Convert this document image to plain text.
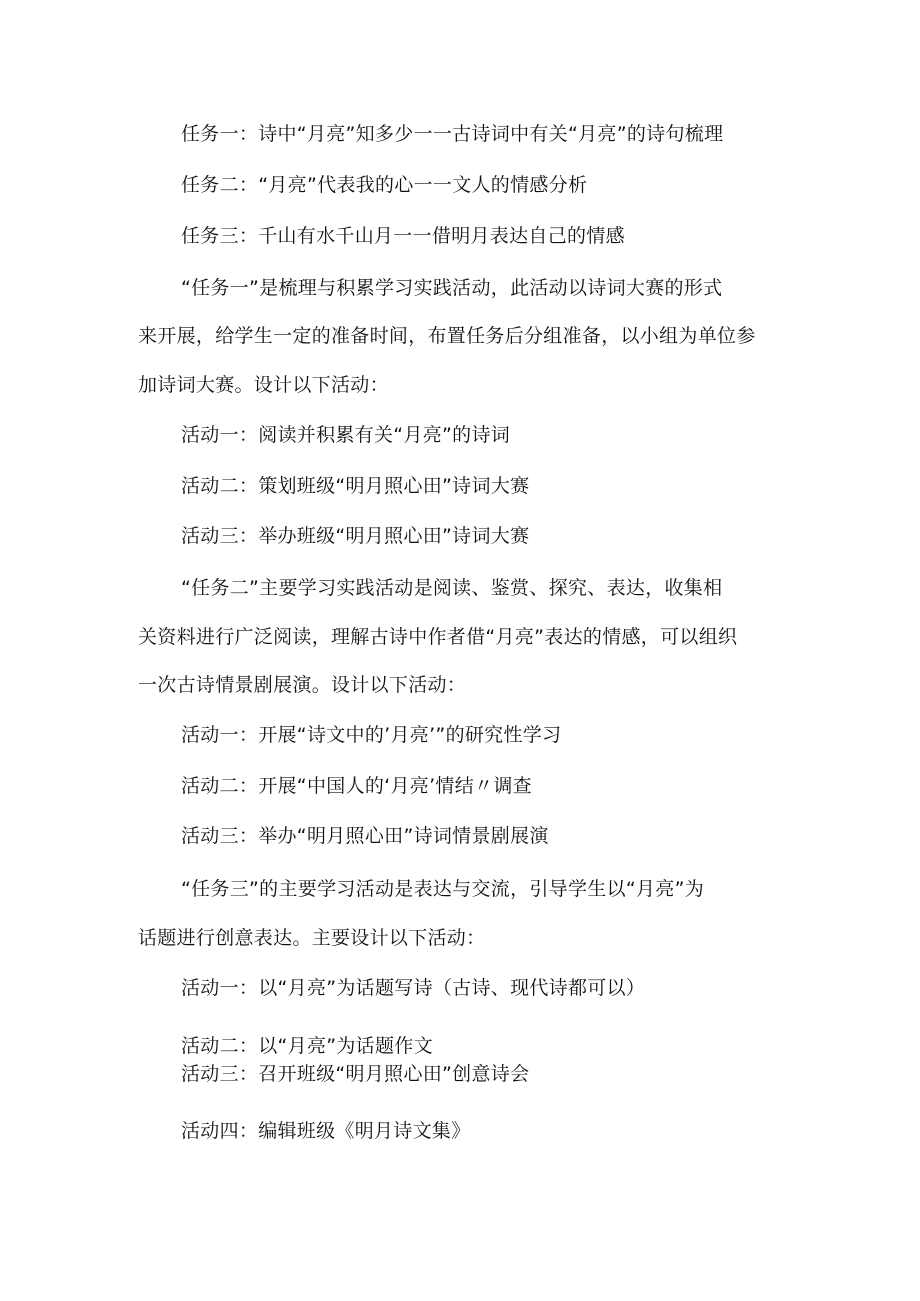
任务一：诗中“月亮”知多少一一古诗词中有关“月亮”的诗句梳理
任务二：“月亮”代表我的心一一文人的情感分析
任务三：千山有水千山月一一借明月表达自己的情感
“任务一”是梳理与积累学习实践活动，此活动以诗词大赛的形式
来开展，给学生一定的准备时间，布置任务后分组准备，以小组为单位参
加诗词大赛。设计以下活动：
活动一：阅读并积累有关“月亮”的诗词
活动二：策划班级“明月照心田”诗词大赛
活动三：举办班级“明月照心田”诗词大赛
“任务二”主要学习实践活动是阅读、鉴赏、探究、表达，收集相
关资料进行广泛阅读，理解古诗中作者借“月亮”表达的情感，可以组织
一次古诗情景剧展演。设计以下活动：
活动一：开展“诗文中的’月亮’”的研究性学习
活动二：开展“中国人的‘月亮’情结〃调查
活动三：举办“明月照心田”诗词情景剧展演
“任务三”的主要学习活动是表达与交流，引导学生以“月亮”为
话题进行创意表达。主要设计以下活动：
活动一：以“月亮”为话题写诗（古诗、现代诗都可以）
活动二：以“月亮”为话题作文
活动三：召开班级“明月照心田”创意诗会
活动四：编辑班级《明月诗文集》
